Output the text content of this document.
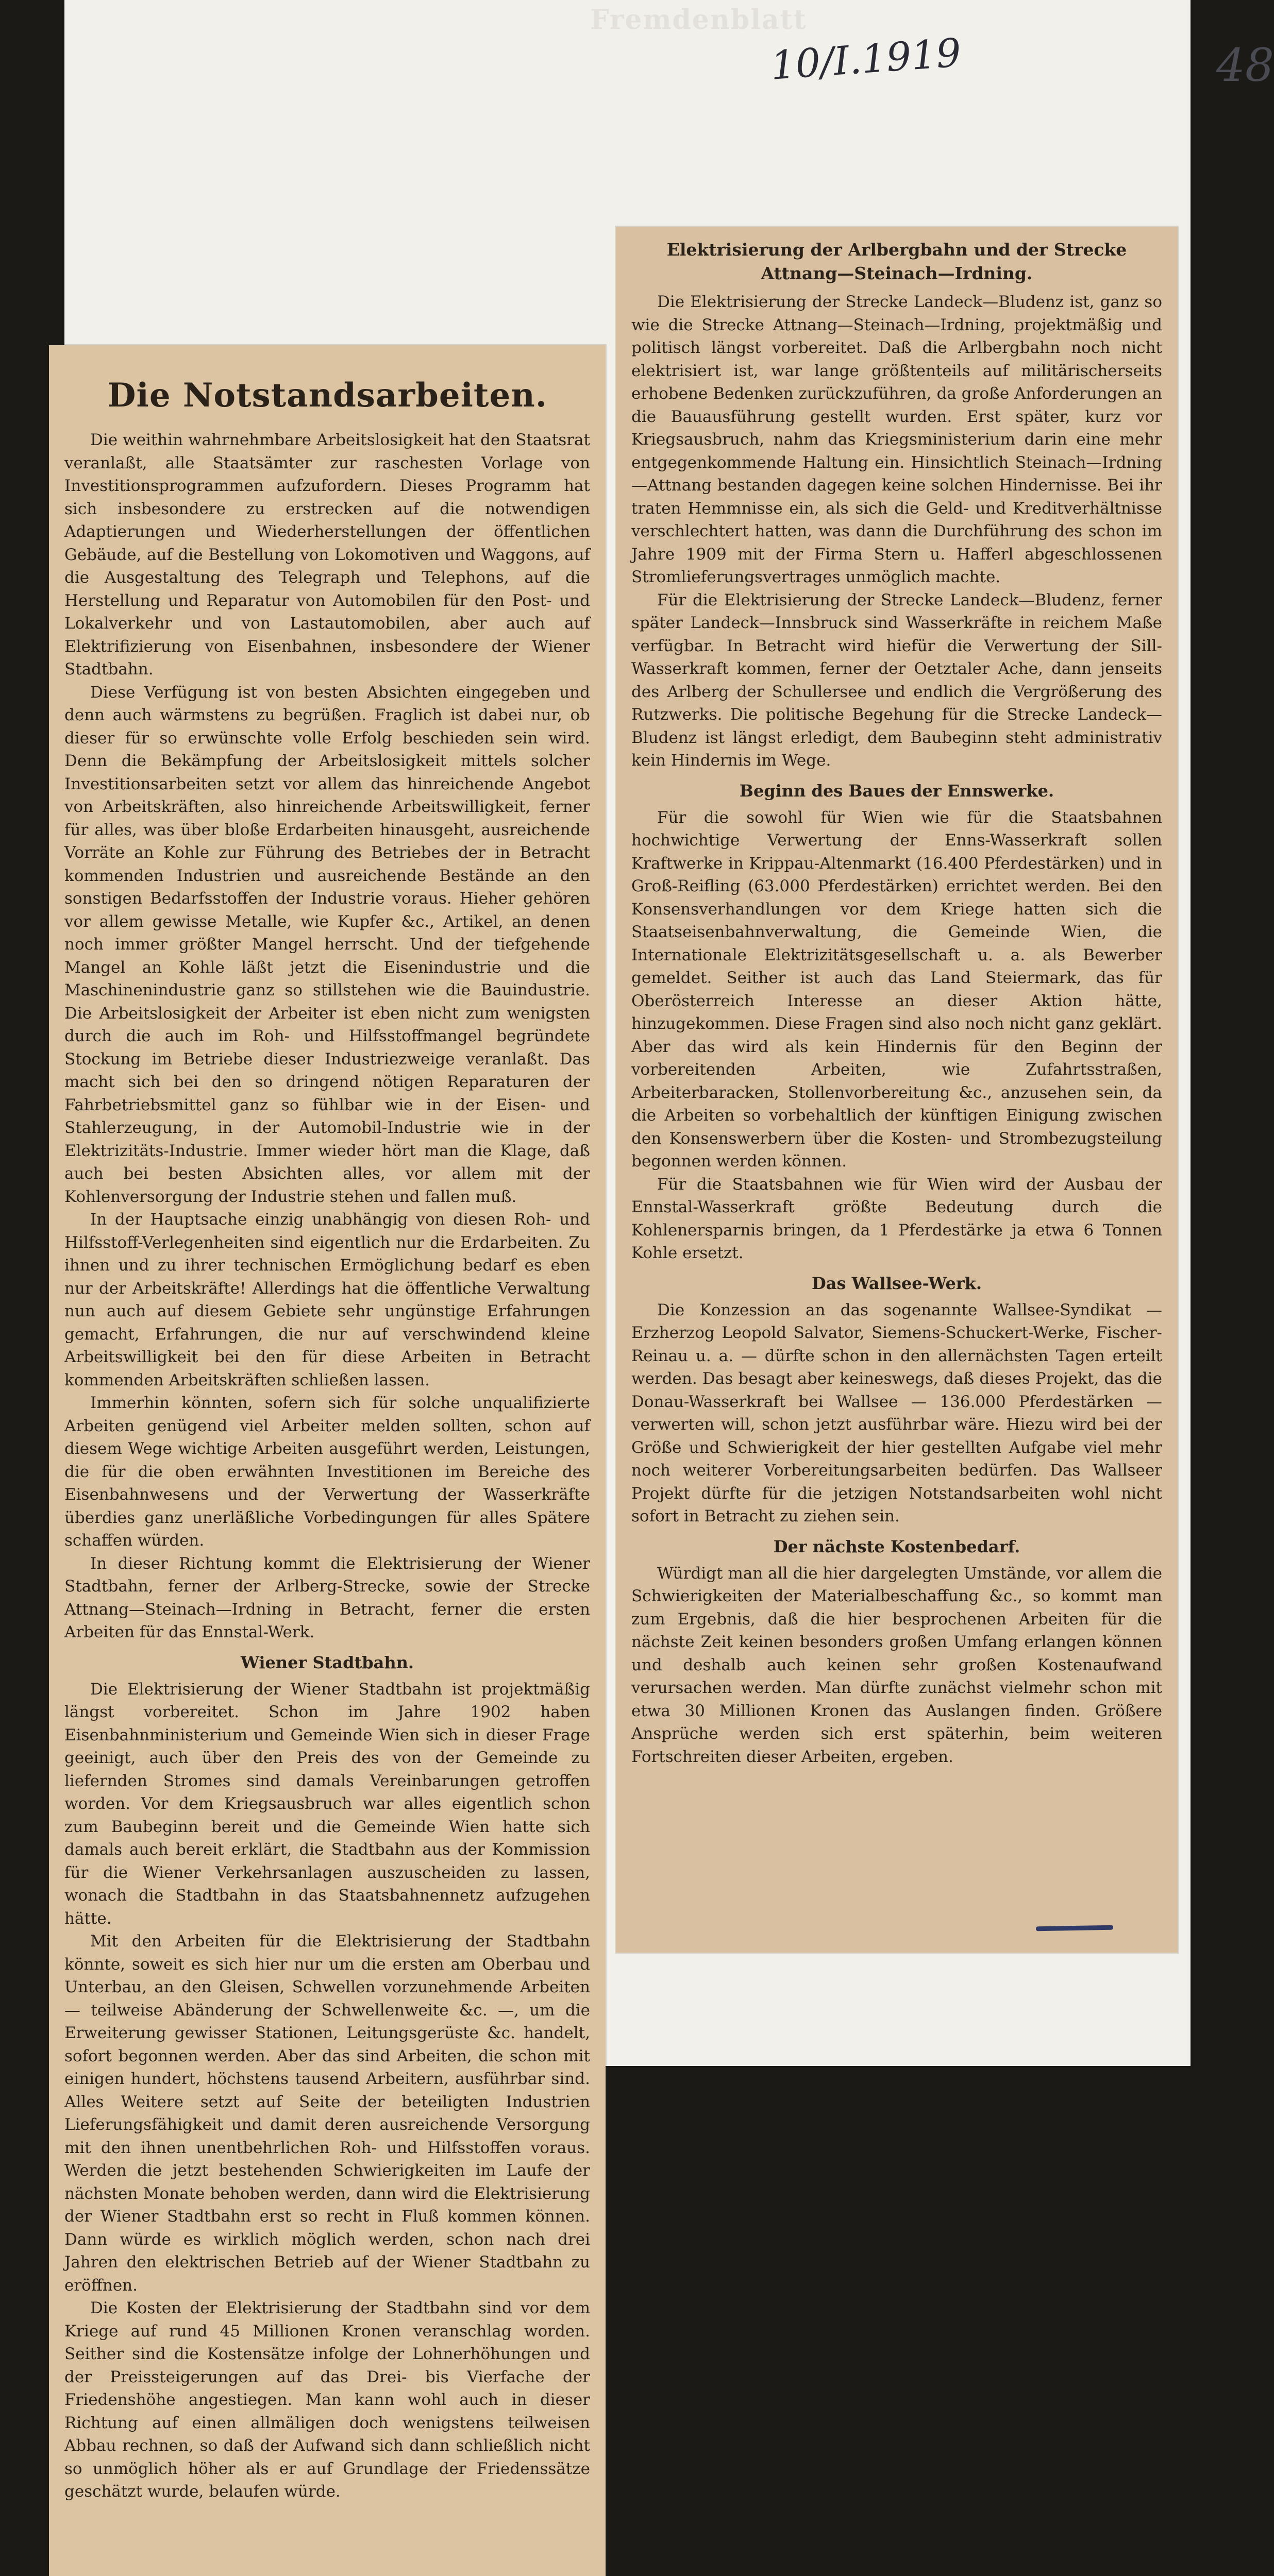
Fremdenblatt
10/I.1919	48
Die Notstandsarbeiten.

Die weithin wahrnehmbare Arbeitslosigkeit hat den Staatsrat veranlaßt, alle Staatsämter zur raschesten Vorlage von Investitionsprogrammen aufzufordern. Dieses Programm hat sich insbesondere zu erstrecken auf die notwendigen Adaptierungen und Wiederherstellungen der öffentlichen Gebäude, auf die Bestellung von Lokomotiven und Waggons, auf die Ausgestaltung des Telegraph und Telephons, auf die Herstellung und Reparatur von Automobilen für den Post- und Lokalverkehr und von Lastautomobilen, aber auch auf Elektrifizierung von Eisenbahnen, insbesondere der Wiener Stadtbahn.

Diese Verfügung ist von besten Absichten eingegeben und denn auch wärmstens zu begrüßen. Fraglich ist dabei nur, ob dieser für so erwünschte volle Erfolg beschieden sein wird. Denn die Bekämpfung der Arbeitslosigkeit mittels solcher Investitionsarbeiten setzt vor allem das hinreichende Angebot von Arbeitskräften, also hinreichende Arbeitswilligkeit, ferner für alles, was über bloße Erdarbeiten hinausgeht, ausreichende Vorräte an Kohle zur Führung des Betriebes der in Betracht kommenden Industrien und ausreichende Bestände an den sonstigen Bedarfsstoffen der Industrie voraus. Hieher gehören vor allem gewisse Metalle, wie Kupfer &c., Artikel, an denen noch immer größter Mangel herrscht. Und der tiefgehende Mangel an Kohle läßt jetzt die Eisenindustrie und die Maschinenindustrie ganz so stillstehen wie die Bauindustrie. Die Arbeitslosigkeit der Arbeiter ist eben nicht zum wenigsten durch die auch im Roh- und Hilfsstoffmangel begründete Stockung im Betriebe dieser Industriezweige veranlaßt. Das macht sich bei den so dringend nötigen Reparaturen der Fahrbetriebsmittel ganz so fühlbar wie in der Eisen- und Stahlerzeugung, in der Automobil-Industrie wie in der Elektrizitäts-Industrie. Immer wieder hört man die Klage, daß auch bei besten Absichten alles, vor allem mit der Kohlenversorgung der Industrie stehen und fallen muß.

In der Hauptsache einzig unabhängig von diesen Roh- und Hilfsstoff-Verlegenheiten sind eigentlich nur die Erdarbeiten. Zu ihnen und zu ihrer technischen Ermöglichung bedarf es eben nur der Arbeitskräfte! Allerdings hat die öffentliche Verwaltung nun auch auf diesem Gebiete sehr ungünstige Erfahrungen gemacht, Erfahrungen, die nur auf verschwindend kleine Arbeitswilligkeit bei den für diese Arbeiten in Betracht kommenden Arbeitskräften schließen lassen.

Immerhin könnten, sofern sich für solche unqualifizierte Arbeiten genügend viel Arbeiter melden sollten, schon auf diesem Wege wichtige Arbeiten ausgeführt werden, Leistungen, die für die oben erwähnten Investitionen im Bereiche des Eisenbahnwesens und der Verwertung der Wasserkräfte überdies ganz unerläßliche Vorbedingungen für alles Spätere schaffen würden.

In dieser Richtung kommt die Elektrisierung der Wiener Stadtbahn, ferner der Arlberg-Strecke, sowie der Strecke Attnang—Steinach—Irdning in Betracht, ferner die ersten Arbeiten für das Ennstal-Werk.

Wiener Stadtbahn.

Die Elektrisierung der Wiener Stadtbahn ist projektmäßig längst vorbereitet. Schon im Jahre 1902 haben Eisenbahnministerium und Gemeinde Wien sich in dieser Frage geeinigt, auch über den Preis des von der Gemeinde zu liefernden Stromes sind damals Vereinbarungen getroffen worden. Vor dem Kriegsausbruch war alles eigentlich schon zum Baubeginn bereit und die Gemeinde Wien hatte sich damals auch bereit erklärt, die Stadtbahn aus der Kommission für die Wiener Verkehrsanlagen auszuscheiden zu lassen, wonach die Stadtbahn in das Staatsbahnennetz aufzugehen hätte.

Mit den Arbeiten für die Elektrisierung der Stadtbahn könnte, soweit es sich hier nur um die ersten am Oberbau und Unterbau, an den Gleisen, Schwellen vorzunehmende Arbeiten — teilweise Abänderung der Schwellenweite &c. —, um die Erweiterung gewisser Stationen, Leitungsgerüste &c. handelt, sofort begonnen werden. Aber das sind Arbeiten, die schon mit einigen hundert, höchstens tausend Arbeitern, ausführbar sind. Alles Weitere setzt auf Seite der beteiligten Industrien Lieferungsfähigkeit und damit deren ausreichende Versorgung mit den ihnen unentbehrlichen Roh- und Hilfsstoffen voraus. Werden die jetzt bestehenden Schwierigkeiten im Laufe der nächsten Monate behoben werden, dann wird die Elektrisierung der Wiener Stadtbahn erst so recht in Fluß kommen können. Dann würde es wirklich möglich werden, schon nach drei Jahren den elektrischen Betrieb auf der Wiener Stadtbahn zu eröffnen.

Die Kosten der Elektrisierung der Stadtbahn sind vor dem Kriege auf rund 45 Millionen Kronen veranschlag worden. Seither sind die Kostensätze infolge der Lohnerhöhungen und der Preissteigerungen auf das Drei- bis Vierfache der Friedenshöhe angestiegen. Man kann wohl auch in dieser Richtung auf einen allmäligen doch wenigstens teilweisen Abbau rechnen, so daß der Aufwand sich dann schließlich nicht so unmöglich höher als er auf Grundlage der Friedenssätze geschätzt wurde, belaufen würde.

Elektrisierung der Arlbergbahn und der Strecke Attnang—Steinach—Irdning.

Die Elektrisierung der Strecke Landeck—Bludenz ist, ganz so wie die Strecke Attnang—Steinach—Irdning, projektmäßig und politisch längst vorbereitet. Daß die Arlbergbahn noch nicht elektrisiert ist, war lange größtenteils auf militärischerseits erhobene Bedenken zurückzuführen, da große Anforderungen an die Bauausführung gestellt wurden. Erst später, kurz vor Kriegsausbruch, nahm das Kriegsministerium darin eine mehr entgegenkommende Haltung ein. Hinsichtlich Steinach—Irdning —Attnang bestanden dagegen keine solchen Hindernisse. Bei ihr traten Hemmnisse ein, als sich die Geld- und Kreditverhältnisse verschlechtert hatten, was dann die Durchführung des schon im Jahre 1909 mit der Firma Stern u. Hafferl abgeschlossenen Stromlieferungsvertrages unmöglich machte.

Für die Elektrisierung der Strecke Landeck—Bludenz, ferner später Landeck—Innsbruck sind Wasserkräfte in reichem Maße verfügbar. In Betracht wird hiefür die Verwertung der Sill-Wasserkraft kommen, ferner der Oetztaler Ache, dann jenseits des Arlberg der Schullersee und endlich die Vergrößerung des Rutzwerks. Die politische Begehung für die Strecke Landeck—Bludenz ist längst erledigt, dem Baubeginn steht administrativ kein Hindernis im Wege.

Beginn des Baues der Ennswerke.

Für die sowohl für Wien wie für die Staatsbahnen hochwichtige Verwertung der Enns-Wasserkraft sollen Kraftwerke in Krippau-Altenmarkt (16.400 Pferdestärken) und in Groß-Reifling (63.000 Pferdestärken) errichtet werden. Bei den Konsensverhandlungen vor dem Kriege hatten sich die Staatseisenbahnverwaltung, die Gemeinde Wien, die Internationale Elektrizitätsgesellschaft u. a. als Bewerber gemeldet. Seither ist auch das Land Steiermark, das für Oberösterreich Interesse an dieser Aktion hätte, hinzugekommen. Diese Fragen sind also noch nicht ganz geklärt. Aber das wird als kein Hindernis für den Beginn der vorbereitenden Arbeiten, wie Zufahrtsstraßen, Arbeiterbaracken, Stollenvorbereitung &c., anzusehen sein, da die Arbeiten so vorbehaltlich der künftigen Einigung zwischen den Konsenswerbern über die Kosten- und Strombezugsteilung begonnen werden können.

Für die Staatsbahnen wie für Wien wird der Ausbau der Ennstal-Wasserkraft größte Bedeutung durch die Kohlenersparnis bringen, da 1 Pferdestärke ja etwa 6 Tonnen Kohle ersetzt.

Das Wallsee-Werk.

Die Konzession an das sogenannte Wallsee-Syndikat — Erzherzog Leopold Salvator, Siemens-Schuckert-Werke, Fischer-Reinau u. a. — dürfte schon in den allernächsten Tagen erteilt werden. Das besagt aber keineswegs, daß dieses Projekt, das die Donau-Wasserkraft bei Wallsee — 136.000 Pferdestärken — verwerten will, schon jetzt ausführbar wäre. Hiezu wird bei der Größe und Schwierigkeit der hier gestellten Aufgabe viel mehr noch weiterer Vorbereitungsarbeiten bedürfen. Das Wallseer Projekt dürfte für die jetzigen Notstandsarbeiten wohl nicht sofort in Betracht zu ziehen sein.

Der nächste Kostenbedarf.

Würdigt man all die hier dargelegten Umstände, vor allem die Schwierigkeiten der Materialbeschaffung &c., so kommt man zum Ergebnis, daß die hier besprochenen Arbeiten für die nächste Zeit keinen besonders großen Umfang erlangen können und deshalb auch keinen sehr großen Kostenaufwand verursachen werden. Man dürfte zunächst vielmehr schon mit etwa 30 Millionen Kronen das Auslangen finden. Größere Ansprüche werden sich erst späterhin, beim weiteren Fortschreiten dieser Arbeiten, ergeben.
